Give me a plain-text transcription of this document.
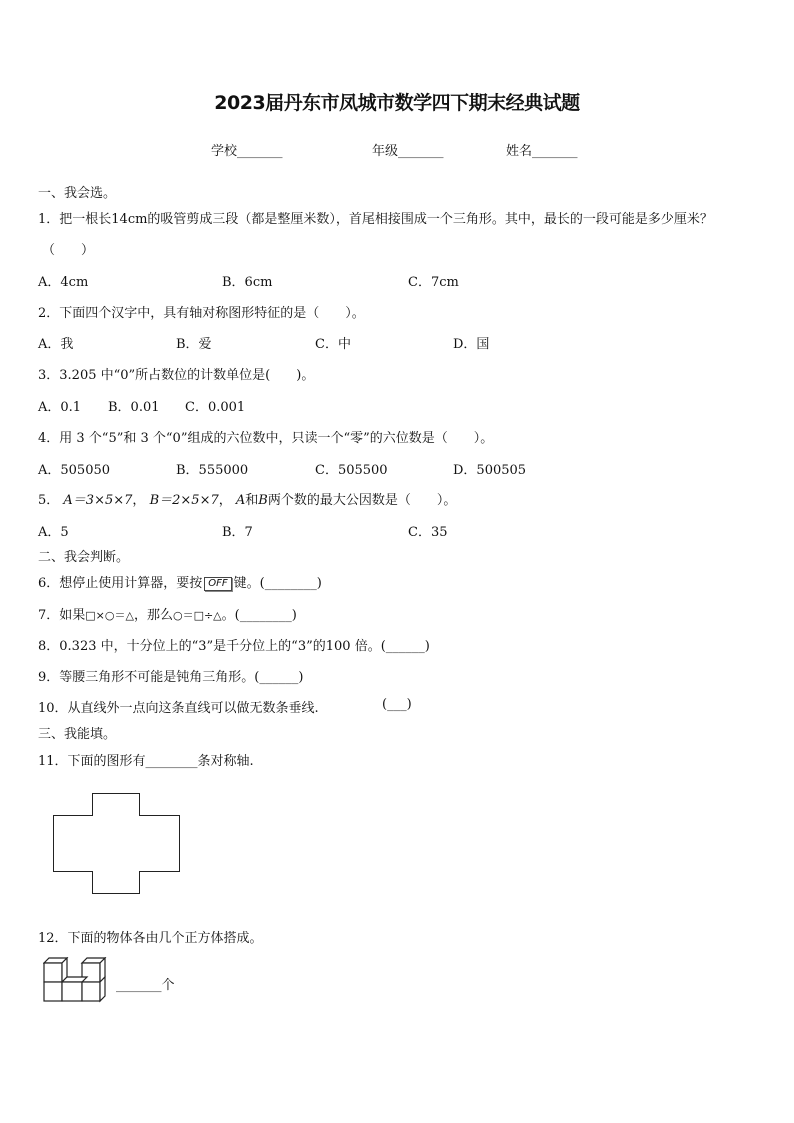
2023届丹东市凤城市数学四下期末经典试题
学校_______	年级_______	姓名_______
一、我会选。
1．把一根长14cm的吸管剪成三段（都是整厘米数），首尾相接围成一个三角形。其中，最长的一段可能是多少厘米？
（　　）
A．4cm	B．6cm	C．7cm
2．下面四个汉字中，具有轴对称图形特征的是（　　）。
A．我	B．爱	C．中	D．国
3．3.205 中“0”所占数位的计数单位是(　　)。
A．0.1 B．0.01 C．0.001
4．用 3 个“5”和 3 个“0”组成的六位数中，只读一个“零”的六位数是（　　）。
A．505050	B．555000	C．505500	D．500505
5． A＝3×5×7， B＝2×5×7， A和B两个数的最大公因数是（　　）。
A．5	B．7	C．35
二、我会判断。
6．想停止使用计算器，要按 OFF 键。(________)
7．如果□×○＝△，那么○＝□÷△。(________)
8．0.323 中，十分位上的“3”是千分位上的“3”的100 倍。(______)
9．等腰三角形不可能是钝角三角形。(______)
10．从直线外一点向这条直线可以做无数条垂线.	(___)
三、我能填。
11．下面的图形有________条对称轴.
12．下面的物体各由几个正方体搭成。
_______个
